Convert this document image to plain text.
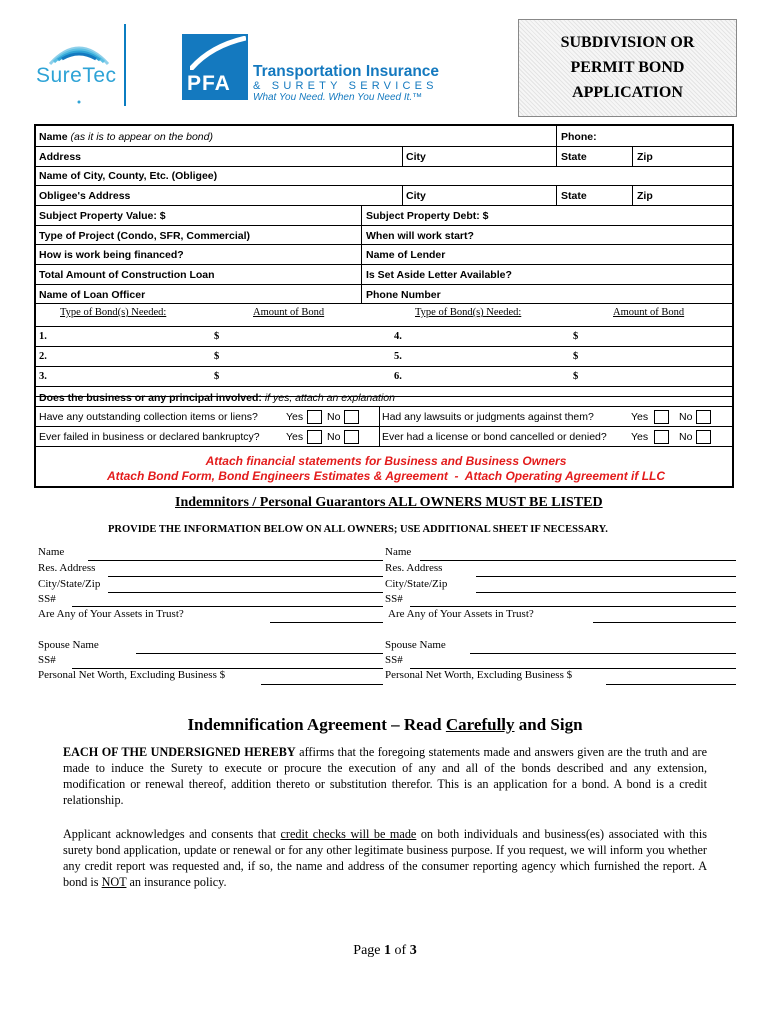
SureTec	PFA
Transportation Insurance
& SURETY SERVICES
What You Need. When You Need It.™
SUBDIVISION OR
PERMIT BOND
APPLICATION
Name (as it is to appear on the bond)	Phone:
Address	City	State	Zip
Name of City, County, Etc. (Obligee)
Obligee's Address	City	State	Zip
Subject Property Value: $	Subject Property Debt: $
Type of Project (Condo, SFR, Commercial)	When will work start?
How is work being financed?	Name of Lender
Total Amount of Construction Loan	Is Set Aside Letter Available?
Name of Loan Officer	Phone Number
Type of Bond(s) Needed:	Amount of Bond	Type of Bond(s) Needed:	Amount of Bond
1.	$	4.	$
2.	$	5.	$
3.	$	6.	$
Does the business or any principal involved: if yes, attach an explanation
Have any outstanding collection items or liens?	Yes No	Had any lawsuits or judgments against them?	Yes	No
Ever failed in business or declared bankruptcy?	Yes No	Ever had a license or bond cancelled or denied? Yes	No
Attach financial statements for Business and Business Owners
Attach Bond Form, Bond Engineers Estimates & Agreement  -  Attach Operating Agreement if LLC
Indemnitors / Personal Guarantors ALL OWNERS MUST BE LISTED
PROVIDE THE INFORMATION BELOW ON ALL OWNERS; USE ADDITIONAL SHEET IF NECESSARY.
Name
Res. Address
City/State/Zip
SS#
Are Any of Your Assets in Trust?
Spouse Name
SS#
Personal Net Worth, Excluding Business $
Name
Res. Address
City/State/Zip
SS#
Are Any of Your Assets in Trust?
Spouse Name
SS#
Personal Net Worth, Excluding Business $
Indemnification Agreement – Read Carefully and Sign
EACH OF THE UNDERSIGNED HEREBY affirms that the foregoing statements made and answers given are the truth and are made to induce the Surety to execute or procure the execution of any and all of the bonds described and any extension, modification or renewal thereof, addition thereto or substitution therefor. This is an application for a bond. A bond is a credit relationship.
Applicant acknowledges and consents that credit checks will be made on both individuals and business(es) associated with this surety bond application, update or renewal or for any other legitimate business purpose. If you request, we will inform you whether any credit report was requested and, if so, the name and address of the consumer reporting agency which furnished the report. A bond is NOT an insurance policy.
Page 1 of 3
